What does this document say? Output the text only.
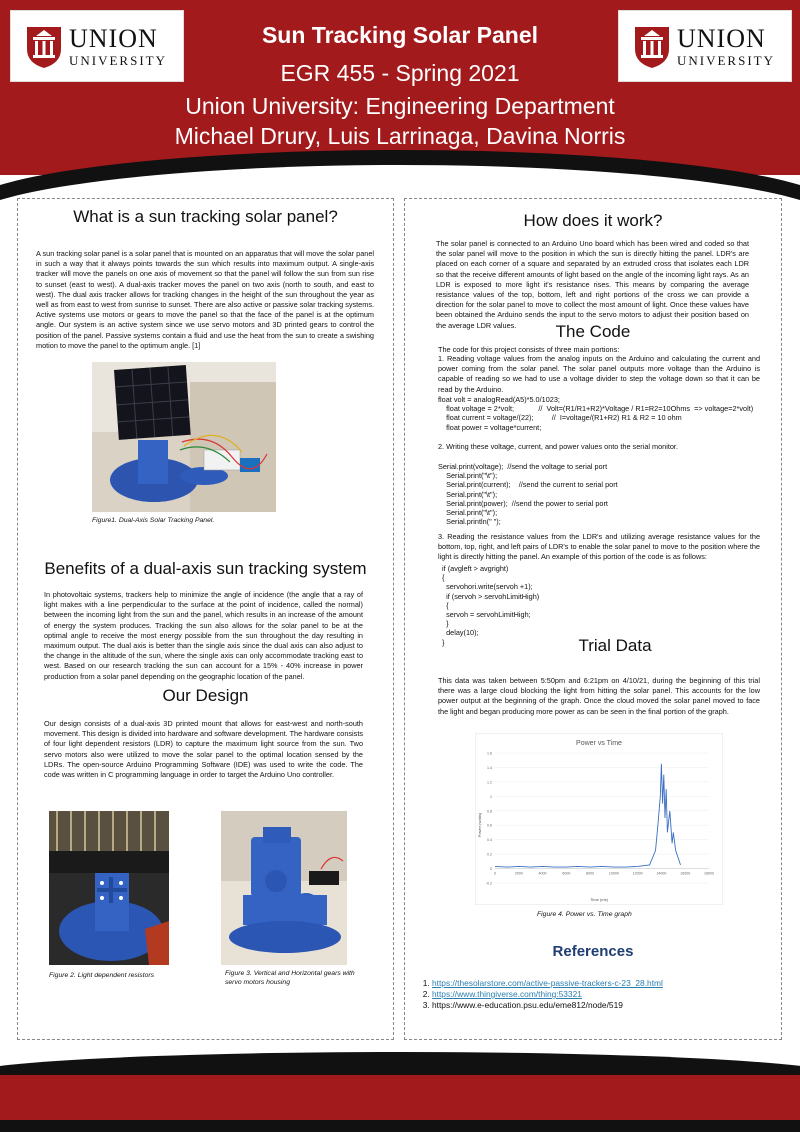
UNION
UNIVERSITY
UNION
UNIVERSITY
Sun Tracking Solar Panel
EGR 455 - Spring 2021
Union University: Engineering Department
Michael Drury, Luis Larrinaga, Davina Norris
What is a sun tracking solar panel?
A sun tracking solar panel is a solar panel that is mounted on an apparatus that will move the solar panel in such a way that it always points towards the sun which results into maximum output. A single-axis tracker will move the panels on one axis of movement so that the panel will follow the sun from sun rise to sunset (east to west). A dual-axis tracker moves the panel on two axis (north to south, and east to west). The dual axis tracker allows for tracking changes in the height of the sun throughout the year as well as from east to west from sunrise to sunset. There are also active or passive solar tracking systems. Active systems use motors or gears to move the panel so that the face of the panel is at the optimum angle. Our system is an active system since we use servo motors and 3D printed gears to control the position of the panel. Passive systems contain a fluid and use the heat from the sun to create a swishing motion to move the panel to the optimum angle. [1]
Figure1. Dual-Axis Solar Tracking Panel.
Benefits of a dual-axis sun tracking system
In photovoltaic systems, trackers help to minimize the angle of incidence (the angle that a ray of light makes with a line perpendicular to the surface at the point of incidence, called the normal) between the incoming light from the sun and the panel, which results in an increase of the amount of energy the system produces. Tracking the sun also allows for the solar panel to be at the optimal angle to receive the most energy possible from the sun throughout the day resulting in maximum output. The dual axis is better than the single axis since the dual axis can also adjust to the change in the altitude of the sun, where the single axis can only accommodate tracking east to west. Based on our research tracking the sun can account for a 15% - 40% increase in power production from a solar panel depending on the geographic location of the panel.
Our Design
Our design consists of a dual-axis 3D printed mount that allows for east-west and north-south movement. This design is divided into hardware and software development. The hardware consists of four light dependent resistors (LDR) to capture the maximum light source from the sun. Two servo motors also were utilized to move the solar panel to the optimal location sensed by the LDRs. The open-source Arduino Programming Software (IDE) was used to write the code. The code was written in C programming language in order to target the Arduino Uno controller.
Figure 2. Light dependent resistors	Figure 3. Vertical and Horizontal gears with servo motors housing
How does it work?
The solar panel is connected to an Arduino Uno board which has been wired and coded so that the solar panel will move to the position in which the sun is directly hitting the panel. LDR's are placed on each corner of a square and separated by an extruded cross that isolates each LDR so that the receive different amounts of light based on the angle of the incoming light rays. As an LDR is exposed to more light it's resistance rises. This means by comparing the average resistance values of the top, bottom, left and right portions of the cross we can provide a direction for the solar panel to move to collect the most amount of light. Once these values have been obtained the Arduino sends the input to the servo motors to adjust their position based on the average LDR values.	The Code
The code for this project consists of three main portions:
1. Reading voltage values from the analog inputs on the Arduino and calculating the current and power coming from the solar panel. The solar panel outputs more voltage than the Arduino is capable of reading so we had to use a voltage divider to step the voltage down so that it can be read by the Arduino.
float volt = analogRead(A5)*5.0/1023;
float voltage = 2*volt;            //  Volt=(R1/R1+R2)*Voltage / R1=R2=10Ohms  => voltage=2*volt)
float current = voltage/(22);         //  I=voltage/(R1+R2) R1 & R2 = 10 ohm
float power = voltage*current;
2. Writing these voltage, current, and power values onto the serial monitor.
Serial.print(voltage);  //send the voltage to serial port
Serial.print("\t");
Serial.print(current);    //send the current to serial port
Serial.print("\t");
Serial.print(power);  //send the power to serial port
Serial.print("\t");
Serial.println(" ");
3. Reading the resistance values from the LDR's and utilizing average resistance values for the bottom, top, right, and left pairs of LDR's to enable the solar panel to move to the position where the light is directly hitting the panel. An example of this portion of the code is as follows:
if (avgleft > avgright)
{
servohori.write(servoh +1);
if (servoh > servohLimitHigh)
{
servoh = servohLimitHigh;
}
delay(10);
}	Trial Data
This data was taken between 5:50pm and 6:21pm on 4/10/21, during the beginning of this trial there was a large cloud blocking the light from hitting the solar panel. This accounts for the low power output at the beginning of the graph. Once the cloud moved the solar panel moved to face the light and began producing more power as can be seen in the final portion of the graph.
Power vs Time
-0.2
0
0.2
0.4
0.6
0.8
1
1.2
1.4
1.6
0	2000	4000	6000	8000	10000	12000	14000	16000	18000
Time (ms)
Power (watts)
Figure 4. Power vs. Time graph
References
1. https://thesolarstore.com/active-passive-trackers-c-23_28.html
2. https://www.thingiverse.com/thing:53321
3. https://www.e-education.psu.edu/eme812/node/519
